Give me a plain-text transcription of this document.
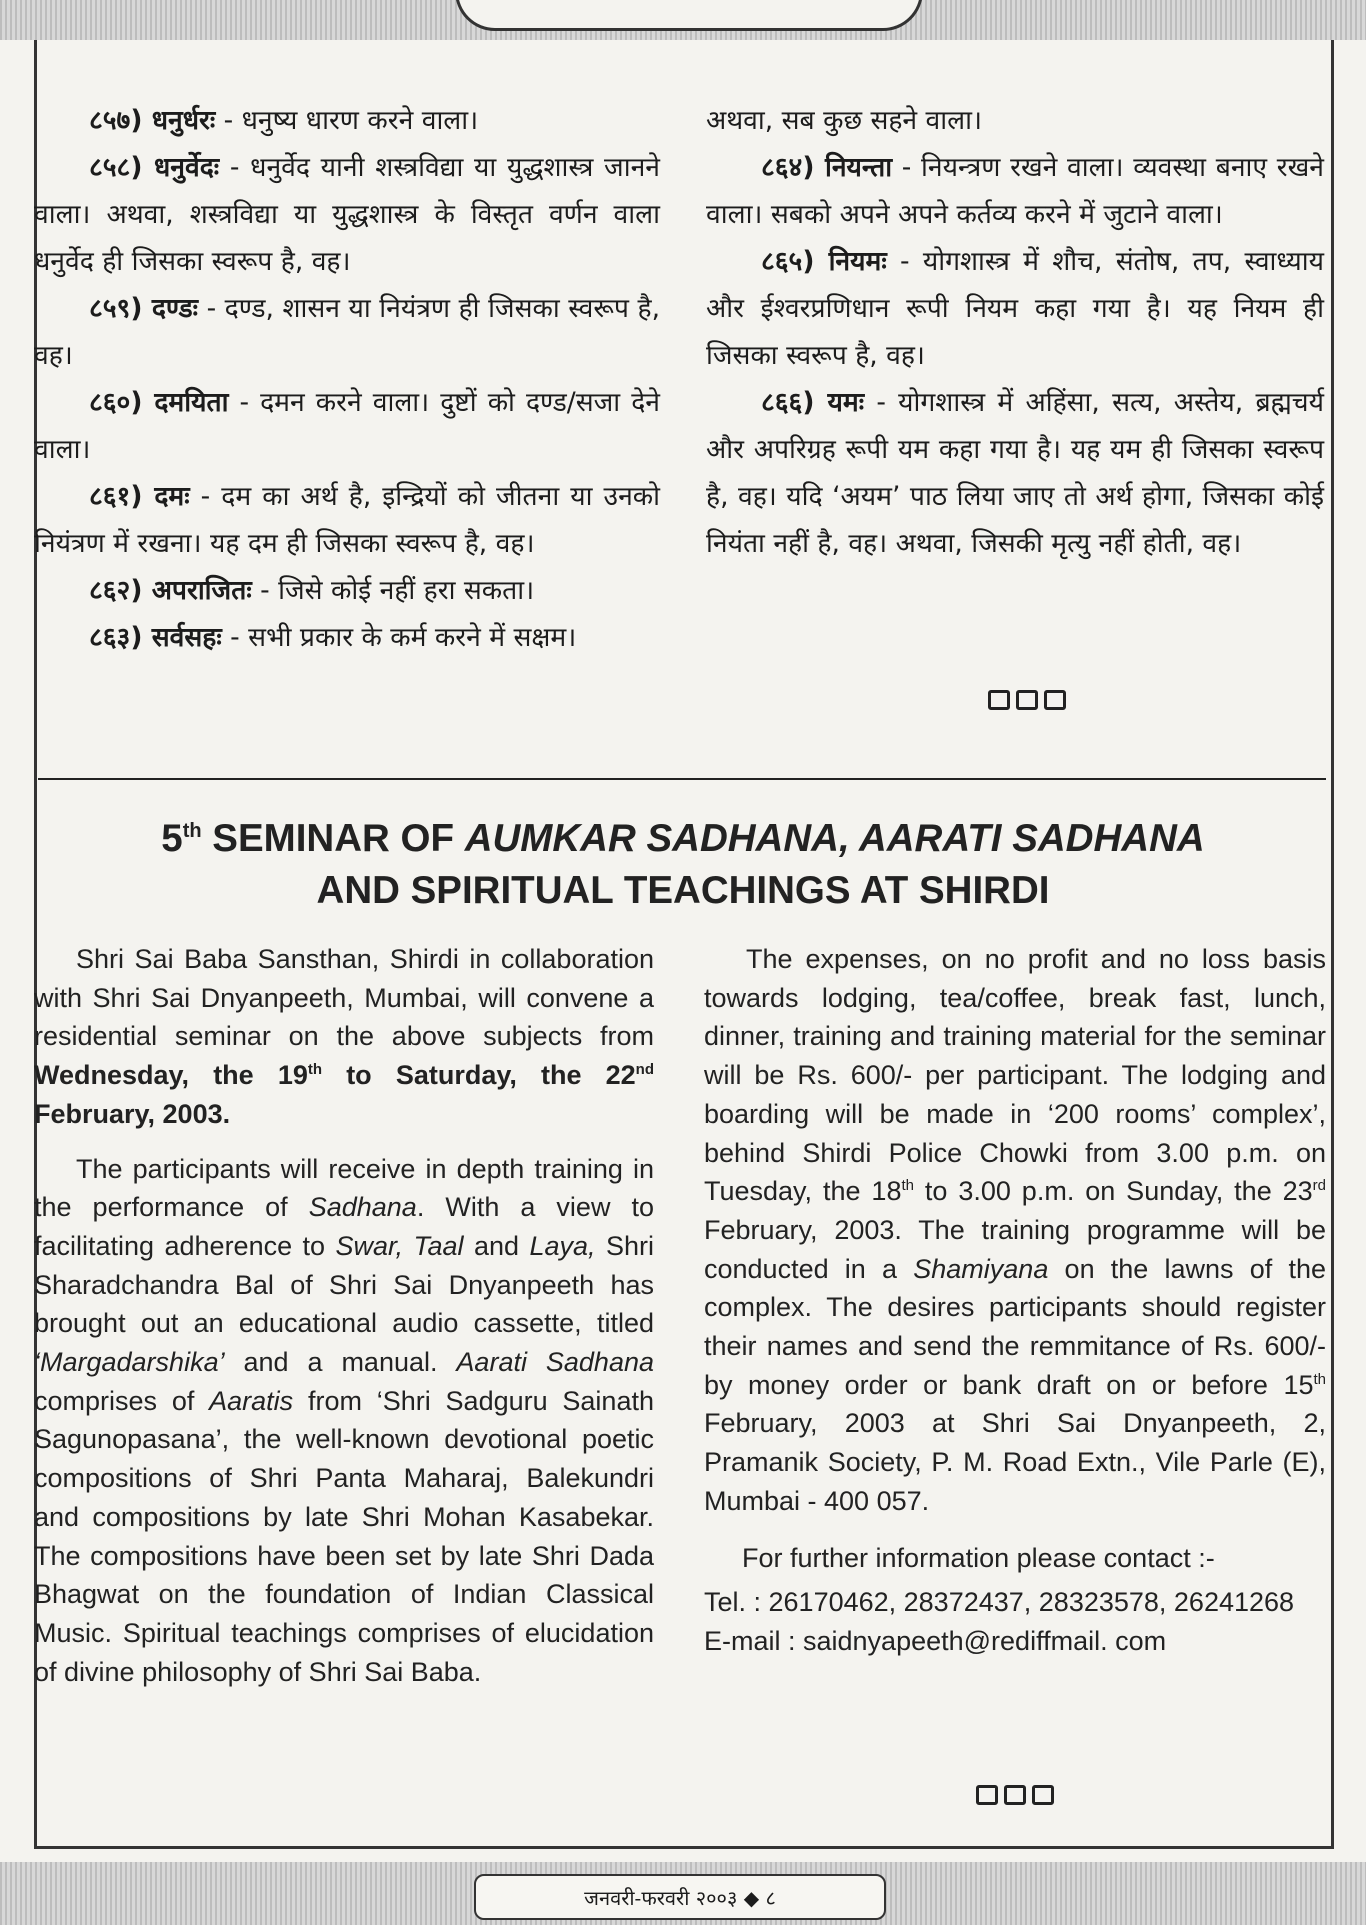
८५७) धनुर्धरः - धनुष्य धारण करने वाला।

८५८) धनुर्वेदः - धनुर्वेद यानी शस्त्रविद्या या युद्धशास्त्र जानने वाला। अथवा, शस्त्रविद्या या युद्धशास्त्र के विस्तृत वर्णन वाला धनुर्वेद ही जिसका स्वरूप है, वह।

८५९) दण्डः - दण्ड, शासन या नियंत्रण ही जिसका स्वरूप है, वह।

८६०) दमयिता - दमन करने वाला। दुष्टों को दण्ड/सजा देने वाला।

८६१) दमः - दम का अर्थ है, इन्द्रियों को जीतना या उनको नियंत्रण में रखना। यह दम ही जिसका स्वरूप है, वह।

८६२) अपराजितः - जिसे कोई नहीं हरा सकता।

८६३) सर्वसहः - सभी प्रकार के कर्म करने में सक्षम।

अथवा, सब कुछ सहने वाला।

८६४) नियन्ता - नियन्त्रण रखने वाला। व्यवस्था बनाए रखने वाला। सबको अपने अपने कर्तव्य करने में जुटाने वाला।

८६५) नियमः - योगशास्त्र में शौच, संतोष, तप, स्वाध्याय और ईश्वरप्रणिधान रूपी नियम कहा गया है। यह नियम ही जिसका स्वरूप है, वह।

८६६) यमः - योगशास्त्र में अहिंसा, सत्य, अस्तेय, ब्रह्मचर्य और अपरिग्रह रूपी यम कहा गया है। यह यम ही जिसका स्वरूप है, वह। यदि ‘अयम’ पाठ लिया जाए तो अर्थ होगा, जिसका कोई नियंता नहीं है, वह। अथवा, जिसकी मृत्यु नहीं होती, वह।

5th SEMINAR OF AUMKAR SADHANA, AARATI SADHANA
AND SPIRITUAL TEACHINGS AT SHIRDI

Shri Sai Baba Sansthan, Shirdi in collaboration with Shri Sai Dnyanpeeth, Mumbai, will convene a residential seminar on the above subjects from Wednesday, the 19th to Saturday, the 22nd February, 2003.

The participants will receive in depth training in the performance of Sadhana. With a view to facilitating adherence to Swar, Taal and Laya, Shri Sharadchandra Bal of Shri Sai Dnyanpeeth has brought out an educational audio cassette, titled ‘Margadarshika’ and a manual. Aarati Sadhana comprises of Aaratis from ‘Shri Sadguru Sainath Sagunopasana’, the well-known devotional poetic compositions of Shri Panta Maharaj, Balekundri and compositions by late Shri Mohan Kasabekar. The compositions have been set by late Shri Dada Bhagwat on the foundation of Indian Classical Music. Spiritual teachings comprises of elucidation of divine philosophy of Shri Sai Baba.

The expenses, on no profit and no loss basis towards lodging, tea/coffee, break fast, lunch, dinner, training and training material for the seminar will be Rs. 600/- per participant. The lodging and boarding will be made in ‘200 rooms’ complex’, behind Shirdi Police Chowki from 3.00 p.m. on Tuesday, the 18th to 3.00 p.m. on Sunday, the 23rd February, 2003. The training programme will be conducted in a Shamiyana on the lawns of the complex. The desires participants should register their names and send the remmitance of Rs. 600/- by money order or bank draft on or before 15th February, 2003 at Shri Sai Dnyanpeeth, 2, Pramanik Society, P. M. Road Extn., Vile Parle (E), Mumbai - 400 057.

For further information please contact :-

Tel. : 26170462, 28372437, 28323578, 26241268

E-mail : saidnyapeeth@rediffmail. com

जनवरी-फरवरी २००३ ◆ ८
